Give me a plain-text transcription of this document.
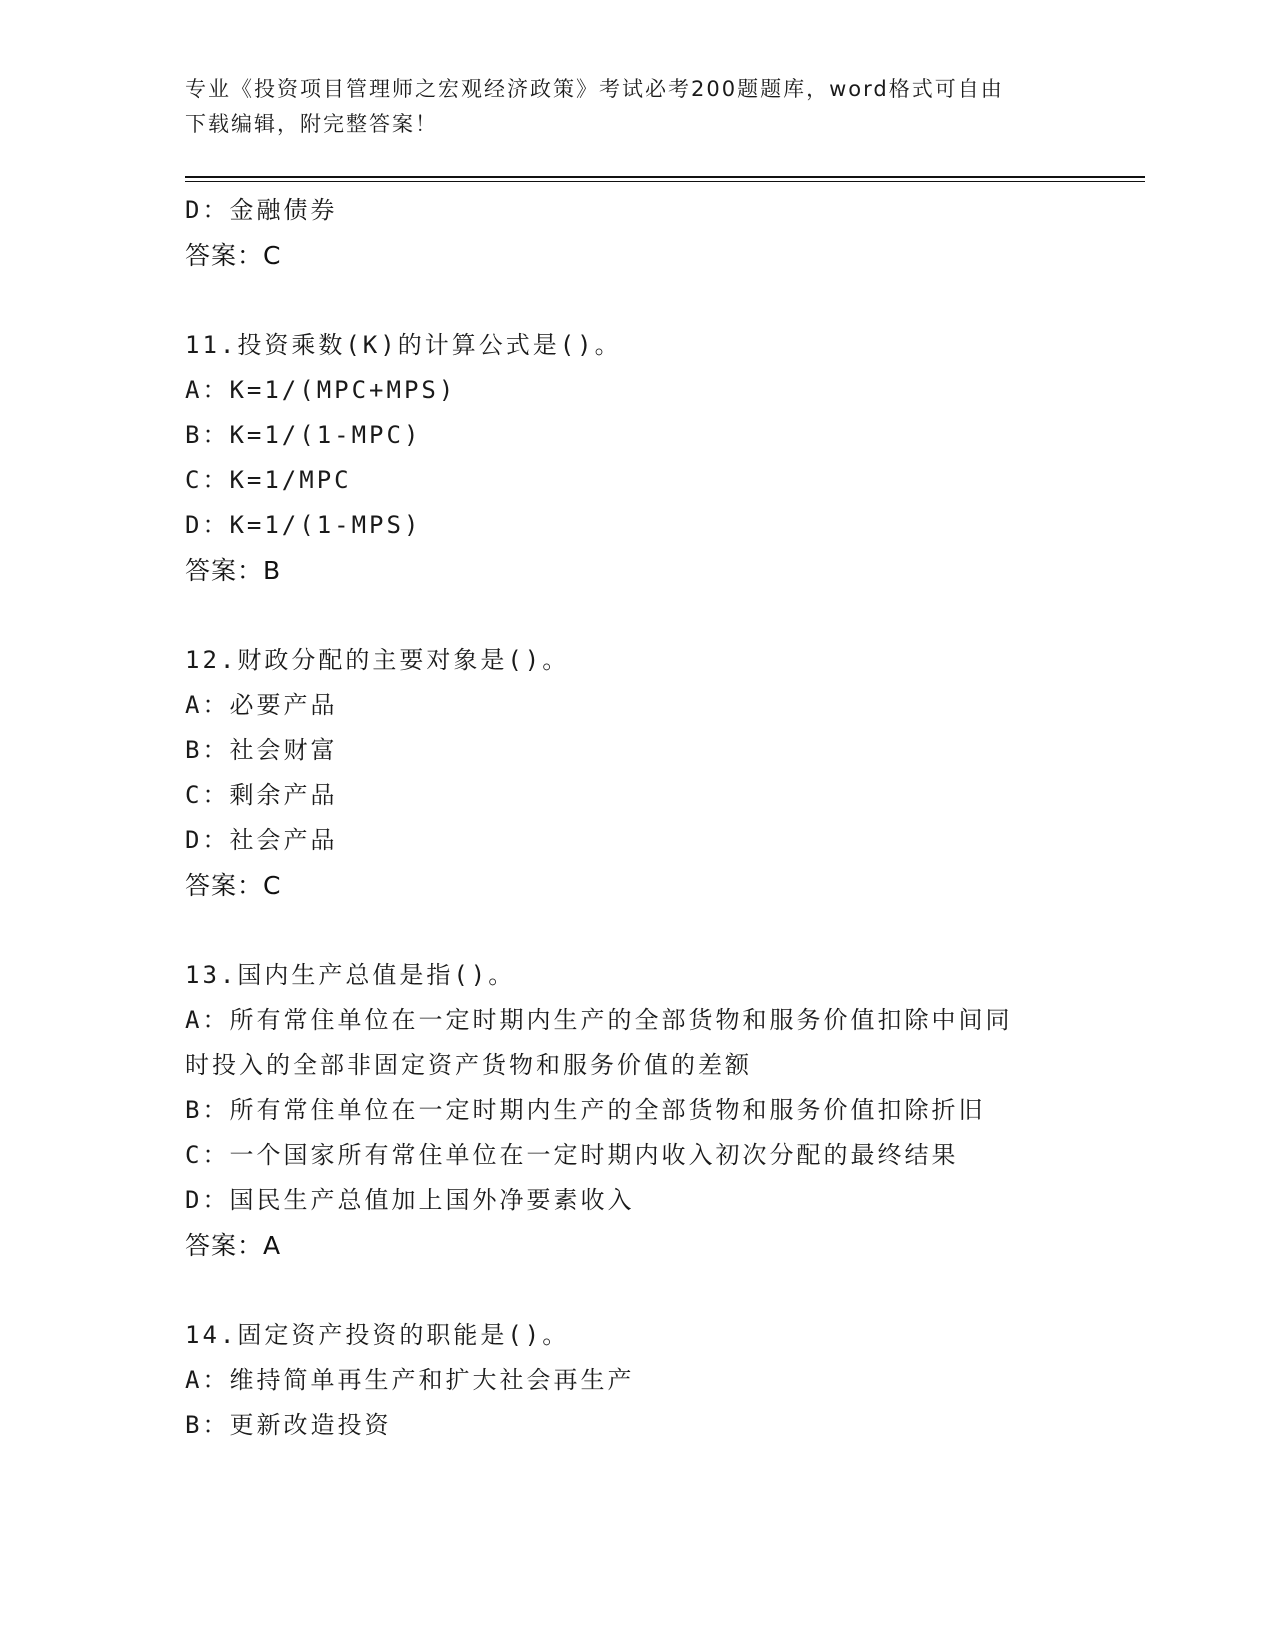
专业《投资项目管理师之宏观经济政策》考试必考200题题库，word格式可自由
下载编辑，附完整答案！
D：金融债券
答案：C
11.投资乘数(K)的计算公式是()。
A：K=1/(MPC+MPS)
B：K=1/(1-MPC)
C：K=1/MPC
D：K=1/(1-MPS)
答案：B
12.财政分配的主要对象是()。
A：必要产品
B：社会财富
C：剩余产品
D：社会产品
答案：C
13.国内生产总值是指()。
A：所有常住单位在一定时期内生产的全部货物和服务价值扣除中间同
时投入的全部非固定资产货物和服务价值的差额
B：所有常住单位在一定时期内生产的全部货物和服务价值扣除折旧
C：一个国家所有常住单位在一定时期内收入初次分配的最终结果
D：国民生产总值加上国外净要素收入
答案：A
14.固定资产投资的职能是()。
A：维持简单再生产和扩大社会再生产
B：更新改造投资
